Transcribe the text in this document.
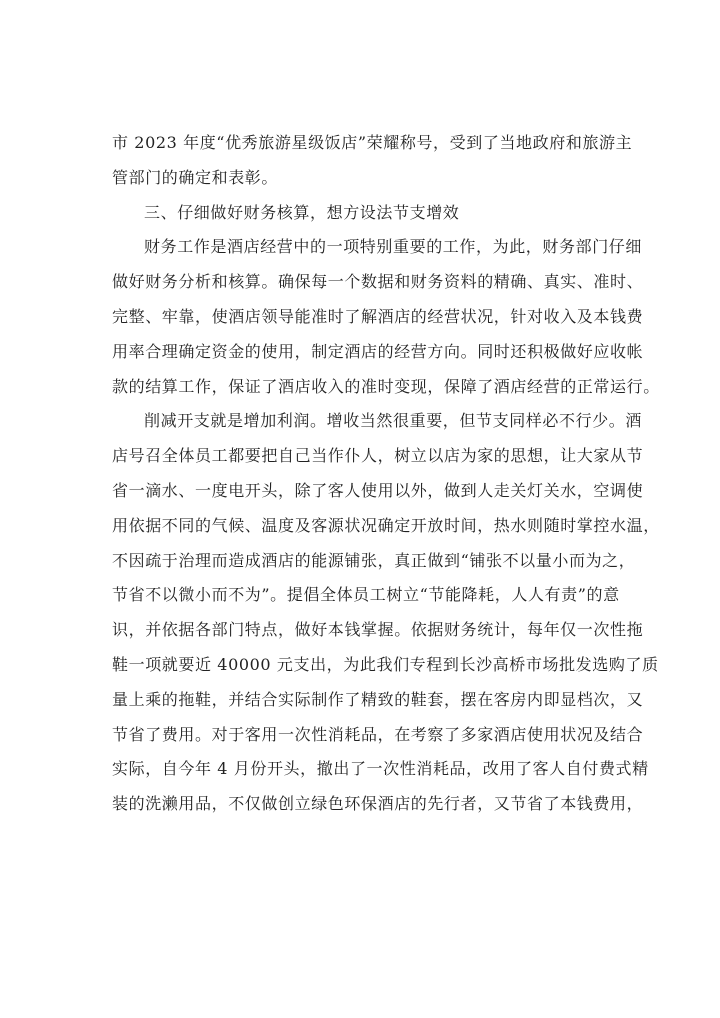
市 2023 年度“优秀旅游星级饭店”荣耀称号，受到了当地政府和旅游主
管部门的确定和表彰。
三、仔细做好财务核算，想方设法节支增效
财务工作是酒店经营中的一项特别重要的工作，为此，财务部门仔细
做好财务分析和核算。确保每一个数据和财务资料的精确、真实、准时、
完整、牢靠，使酒店领导能准时了解酒店的经营状况，针对收入及本钱费
用率合理确定资金的使用，制定酒店的经营方向。同时还积极做好应收帐
款的结算工作，保证了酒店收入的准时变现，保障了酒店经营的正常运行。
削减开支就是增加利润。增收当然很重要，但节支同样必不行少。酒
店号召全体员工都要把自己当作仆人，树立以店为家的思想，让大家从节
省一滴水、一度电开头，除了客人使用以外，做到人走关灯关水，空调使
用依据不同的气候、温度及客源状况确定开放时间，热水则随时掌控水温，
不因疏于治理而造成酒店的能源铺张，真正做到“铺张不以量小而为之，
节省不以微小而不为”。提倡全体员工树立“节能降耗，人人有责”的意
识，并依据各部门特点，做好本钱掌握。依据财务统计，每年仅一次性拖
鞋一项就要近 40000 元支出，为此我们专程到长沙高桥市场批发选购了质
量上乘的拖鞋，并结合实际制作了精致的鞋套，摆在客房内即显档次，又
节省了费用。对于客用一次性消耗品，在考察了多家酒店使用状况及结合
实际，自今年 4 月份开头，撤出了一次性消耗品，改用了客人自付费式精
装的洗濑用品，不仅做创立绿色环保酒店的先行者，又节省了本钱费用，
